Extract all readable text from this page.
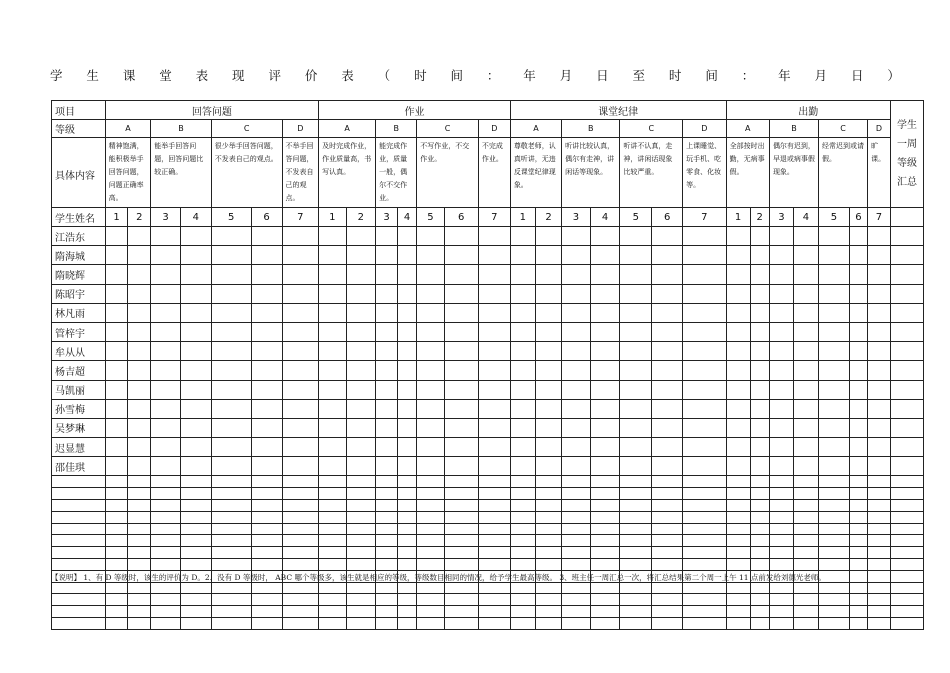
学 生 课 堂 表 现 评 价 表 （ 时 间 ： 年 月 日 至 时 间 ： 年 月 日 ）
项目	回答问题							作业							课堂纪律							出勤							学生一周等级汇总
等级	A		B		C		D	A		B		C		D	A		B		C		D	A		B		C		D	
具体内容	精神饱满，能积极举手回答问题，问题正确率高。		能举手回答问题，回答问题比较正确。		很少举手回答问题，不发表自己的观点。		不举手回答问题，不发表自己的观点。	及时完成作业，作业质量高，书写认真。		能完成作业，质量一般，偶尔不交作业。		不写作业，不交作业。		不完成作业。	尊敬老师，认真听讲，无违反课堂纪律现象。		听讲比较认真，偶尔有走神，讲闲话等现象。		听讲不认真，走神，讲闲话现象比较严重。		上课睡觉、玩手机、吃零食、化妆等。	全部按时出勤，无病事假。		偶尔有迟到，早退或病事假现象。		经常迟到或请假。		旷课。	
学生姓名	1	2	3	4	5	6	7	1	2	3	4	5	6	7	1	2	3	4	5	6	7	1	2	3	4	5	6	7	
江浩东																													
隋海城																													
隋晓辉																													
陈昭宇																													
林凡雨																													
管梓宇																													
牟从从																													
杨吉超																													
马凯丽																													
孙雪梅																													
吴梦琳																													
迟显慧																													
邵佳琪																													

【说明】 1、有 D 等级时，该生的评价为 D。2、没有 D 等级时， ABC 哪个等级多，该生就是相应的等级，等级数目相同的情况，给予学生最高等级。 3、班主任一周汇总一次，将汇总结果第二个周一上午 11 点前发给刘德光老师。
